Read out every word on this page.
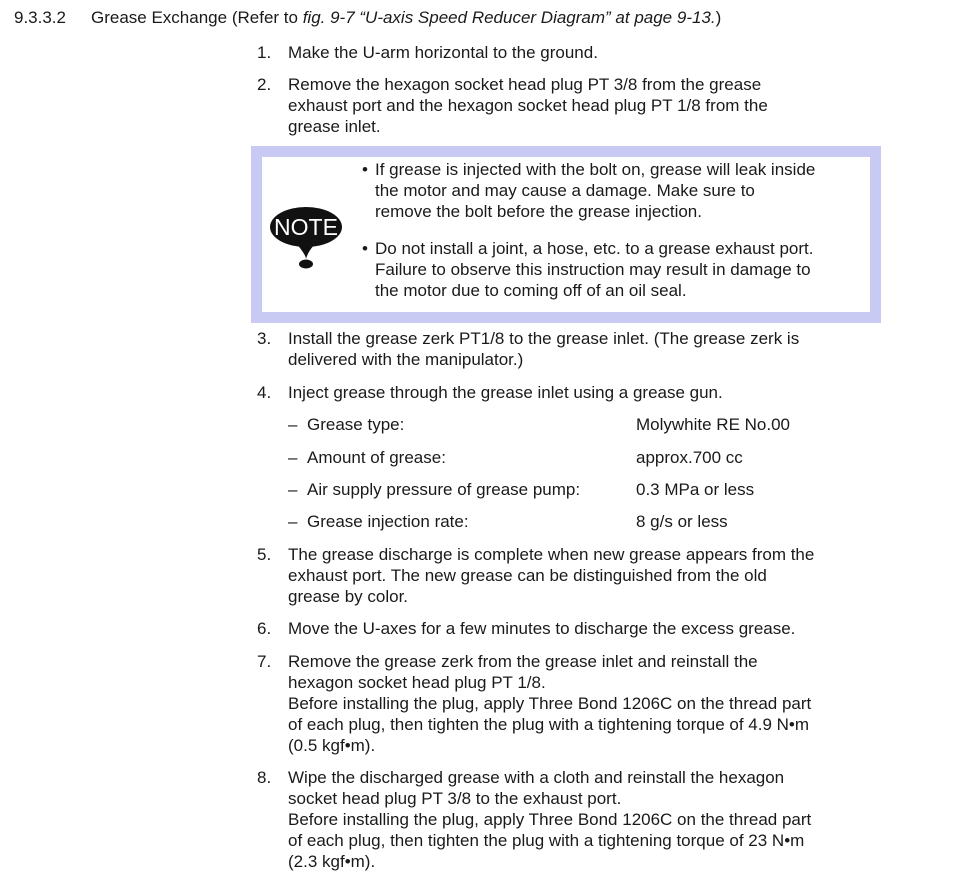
9.3.3.2 Grease Exchange (Refer to fig. 9-7 “U-axis Speed Reducer Diagram” at page 9-13.)
1. Make the U-arm horizontal to the ground.
2. Remove the hexagon socket head plug PT 3/8 from the grease
exhaust port and the hexagon socket head plug PT 1/8 from the
grease inlet.
NOTE
• If grease is injected with the bolt on, grease will leak inside
the motor and may cause a damage. Make sure to
remove the bolt before the grease injection.
• Do not install a joint, a hose, etc. to a grease exhaust port.
Failure to observe this instruction may result in damage to
the motor due to coming off of an oil seal.
3. Install the grease zerk PT1/8 to the grease inlet. (The grease zerk is
delivered with the manipulator.)
4. Inject grease through the grease inlet using a grease gun.
– Grease type:	Molywhite RE No.00
– Amount of grease:	approx.700 cc
– Air supply pressure of grease pump:	0.3 MPa or less
– Grease injection rate:	8 g/s or less
5. The grease discharge is complete when new grease appears from the
exhaust port. The new grease can be distinguished from the old
grease by color.
6. Move the U-axes for a few minutes to discharge the excess grease.
7. Remove the grease zerk from the grease inlet and reinstall the
hexagon socket head plug PT 1/8.
Before installing the plug, apply Three Bond 1206C on the thread part
of each plug, then tighten the plug with a tightening torque of 4.9 N•m
(0.5 kgf•m).
8. Wipe the discharged grease with a cloth and reinstall the hexagon
socket head plug PT 3/8 to the exhaust port.
Before installing the plug, apply Three Bond 1206C on the thread part
of each plug, then tighten the plug with a tightening torque of 23 N•m
(2.3 kgf•m).
